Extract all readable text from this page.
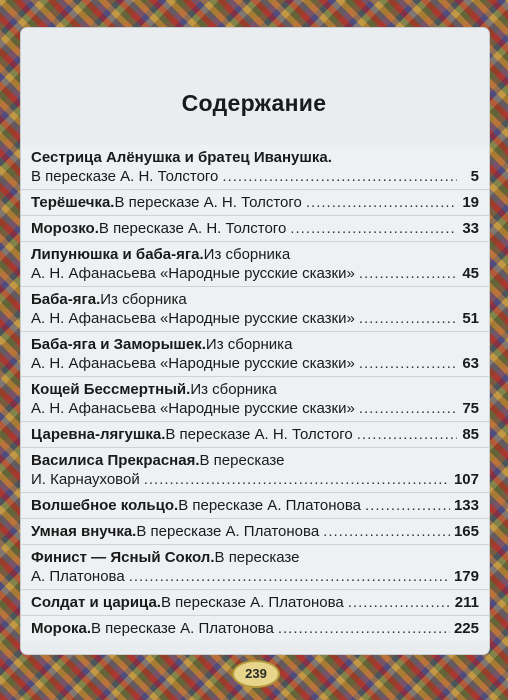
Содержание
Сестрица Алёнушка и братец Иванушка.
В пересказе А. Н. Толстого .....	5
Терёшечка. В пересказе А. Н. Толстого .....	19
Морозко. В пересказе А. Н. Толстого .....	33
Липунюшка и баба-яга. Из сборника
А. Н. Афанасьева «Народные русские сказки» .....	45
Баба-яга. Из сборника
А. Н. Афанасьева «Народные русские сказки» .....	51
Баба-яга и Заморышек. Из сборника
А. Н. Афанасьева «Народные русские сказки» .....	63
Кощей Бессмертный. Из сборника
А. Н. Афанасьева «Народные русские сказки» .....	75
Царевна-лягушка. В пересказе А. Н. Толстого .....	85
Василиса Прекрасная. В пересказе
И. Карнауховой .....	107
Волшебное кольцо. В пересказе А. Платонова .....	133
Умная внучка. В пересказе А. Платонова .....	165
Финист — Ясный Сокол. В пересказе
А. Платонова .....	179
Солдат и царица. В пересказе А. Платонова .....	211
Морока. В пересказе А. Платонова .....	225
239
